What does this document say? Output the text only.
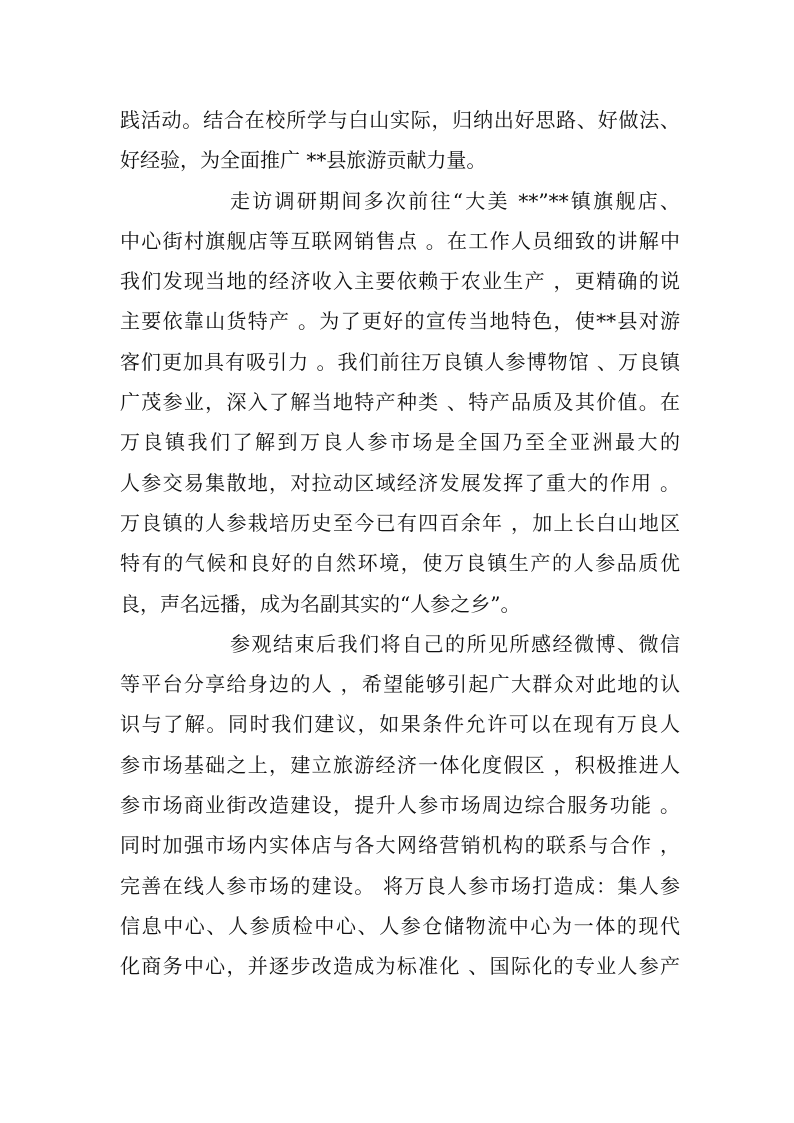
践活动。结合在校所学与白山实际，归纳出好思路、好做法、
好经验，为全面推广 **县旅游贡献力量。
走访调研期间多次前往“大美 **”**镇旗舰店、
中心街村旗舰店等互联网销售点 。在工作人员细致的讲解中
我们发现当地的经济收入主要依赖于农业生产 ，更精确的说
主要依靠山货特产 。为了更好的宣传当地特色，使**县对游
客们更加具有吸引力 。我们前往万良镇人参博物馆 、万良镇
广茂参业，深入了解当地特产种类 、特产品质及其价值。在
万良镇我们了解到万良人参市场是全国乃至全亚洲最大的
人参交易集散地，对拉动区域经济发展发挥了重大的作用 。
万良镇的人参栽培历史至今已有四百余年 ，加上长白山地区
特有的气候和良好的自然环境，使万良镇生产的人参品质优
良，声名远播，成为名副其实的“人参之乡”。
参观结束后我们将自己的所见所感经微博、微信
等平台分享给身边的人 ，希望能够引起广大群众对此地的认
识与了解。同时我们建议，如果条件允许可以在现有万良人
参市场基础之上，建立旅游经济一体化度假区 ，积极推进人
参市场商业街改造建设，提升人参市场周边综合服务功能 。
同时加强市场内实体店与各大网络营销机构的联系与合作 ，
完善在线人参市场的建设。 将万良人参市场打造成：集人参
信息中心、人参质检中心、人参仓储物流中心为一体的现代
化商务中心，并逐步改造成为标准化 、国际化的专业人参产
